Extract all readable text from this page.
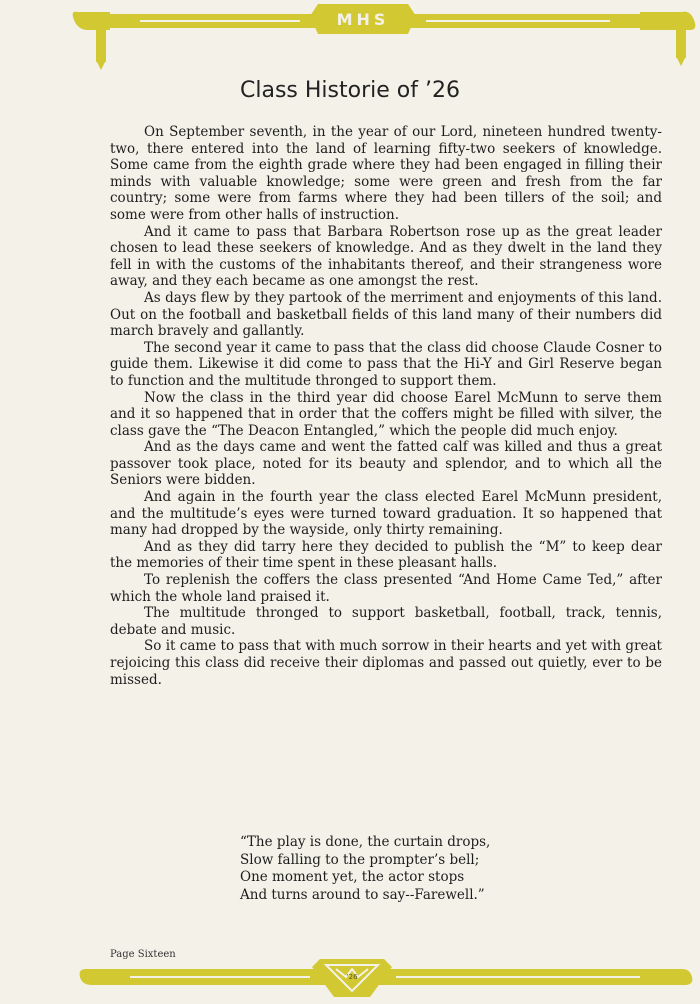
MHS
Class Historie of ’26

On September seventh, in the year of our Lord, nineteen hundred twenty-two, there entered into the land of learning fifty-two seekers of knowledge. Some came from the eighth grade where they had been engaged in filling their minds with valuable knowledge; some were green and fresh from the far country; some were from farms where they had been tillers of the soil; and some were from other halls of instruction.

And it came to pass that Barbara Robertson rose up as the great leader chosen to lead these seekers of knowledge. And as they dwelt in the land they fell in with the customs of the inhabitants thereof, and their strangeness wore away, and they each became as one amongst the rest.

As days flew by they partook of the merriment and enjoyments of this land. Out on the football and basketball fields of this land many of their numbers did march bravely and gallantly.

The second year it came to pass that the class did choose Claude Cosner to guide them. Likewise it did come to pass that the Hi-Y and Girl Reserve began to function and the multitude thronged to support them.

Now the class in the third year did choose Earel McMunn to serve them and it so happened that in order that the coffers might be filled with silver, the class gave the “The Deacon Entangled,” which the people did much enjoy.

And as the days came and went the fatted calf was killed and thus a great passover took place, noted for its beauty and splendor, and to which all the Seniors were bidden.

And again in the fourth year the class elected Earel McMunn president, and the multitude’s eyes were turned toward graduation. It so happened that many had dropped by the wayside, only thirty remaining.

And as they did tarry here they decided to publish the “M” to keep dear the memories of their time spent in these pleasant halls.

To replenish the coffers the class presented “And Home Came Ted,” after which the whole land praised it.

The multitude thronged to support basketball, football, track, tennis, debate and music.

So it came to pass that with much sorrow in their hearts and yet with great rejoicing this class did receive their diplomas and passed out quietly, ever to be missed.

“The play is done, the curtain drops,
Slow falling to the prompter’s bell;
One moment yet, the actor stops
And turns around to say--Farewell.”
Page Sixteen
’26
